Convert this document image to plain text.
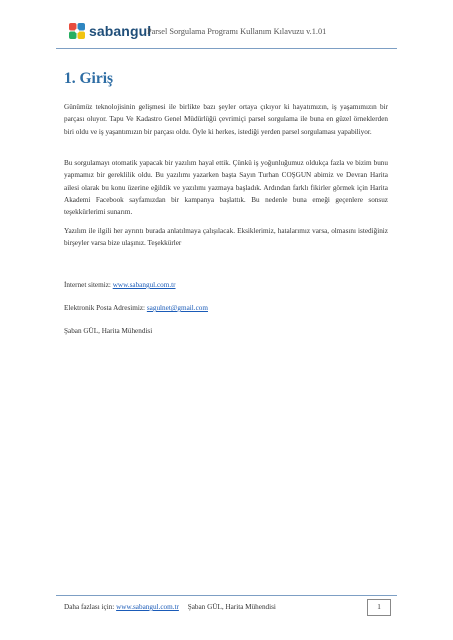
sabangul
Parsel Sorgulama Programı Kullanım Kılavuzu v.1.01
1. Giriş
Günümüz teknolojisinin gelişmesi ile birlikte bazı şeyler ortaya çıkıyor ki hayatımızın, iş yaşamımızın bir parçası oluyor. Tapu Ve Kadastro Genel Müdürlüğü çevrimiçi parsel sorgulama ile buna en güzel örneklerden biri oldu ve iş yaşantımızın bir parçası oldu. Öyle ki herkes, istediği yerden parsel sorgulaması yapabiliyor.
Bu sorgulamayı otomatik yapacak bir yazılım hayal ettik. Çünkü iş yoğunluğumuz oldukça fazla ve bizim bunu yapmamız bir gereklilik oldu. Bu yazılımı yazarken başta Sayın Turhan COŞGUN abimiz ve Devran Harita ailesi olarak bu konu üzerine eğildik ve yazılımı yazmaya başladık. Ardından farklı fikirler görmek için Harita Akademi Facebook sayfamızdan bir kampanya başlattık. Bu nedenle buna emeği geçenlere sonsuz teşekkürlerimi sunarım.
Yazılım ile ilgili her ayrıntı burada anlatılmaya çalışılacak. Eksiklerimiz, hatalarımız varsa, olmasını istediğiniz birşeyler varsa bize ulaşınız. Teşekkürler
İnternet sitemiz: www.sabangul.com.tr
Elektronik Posta Adresimiz: sagulnet@gmail.com
Şaban GÜL, Harita Mühendisi
Daha fazlası için: www.sabangul.com.tr Şaban GÜL, Harita Mühendisi	1
